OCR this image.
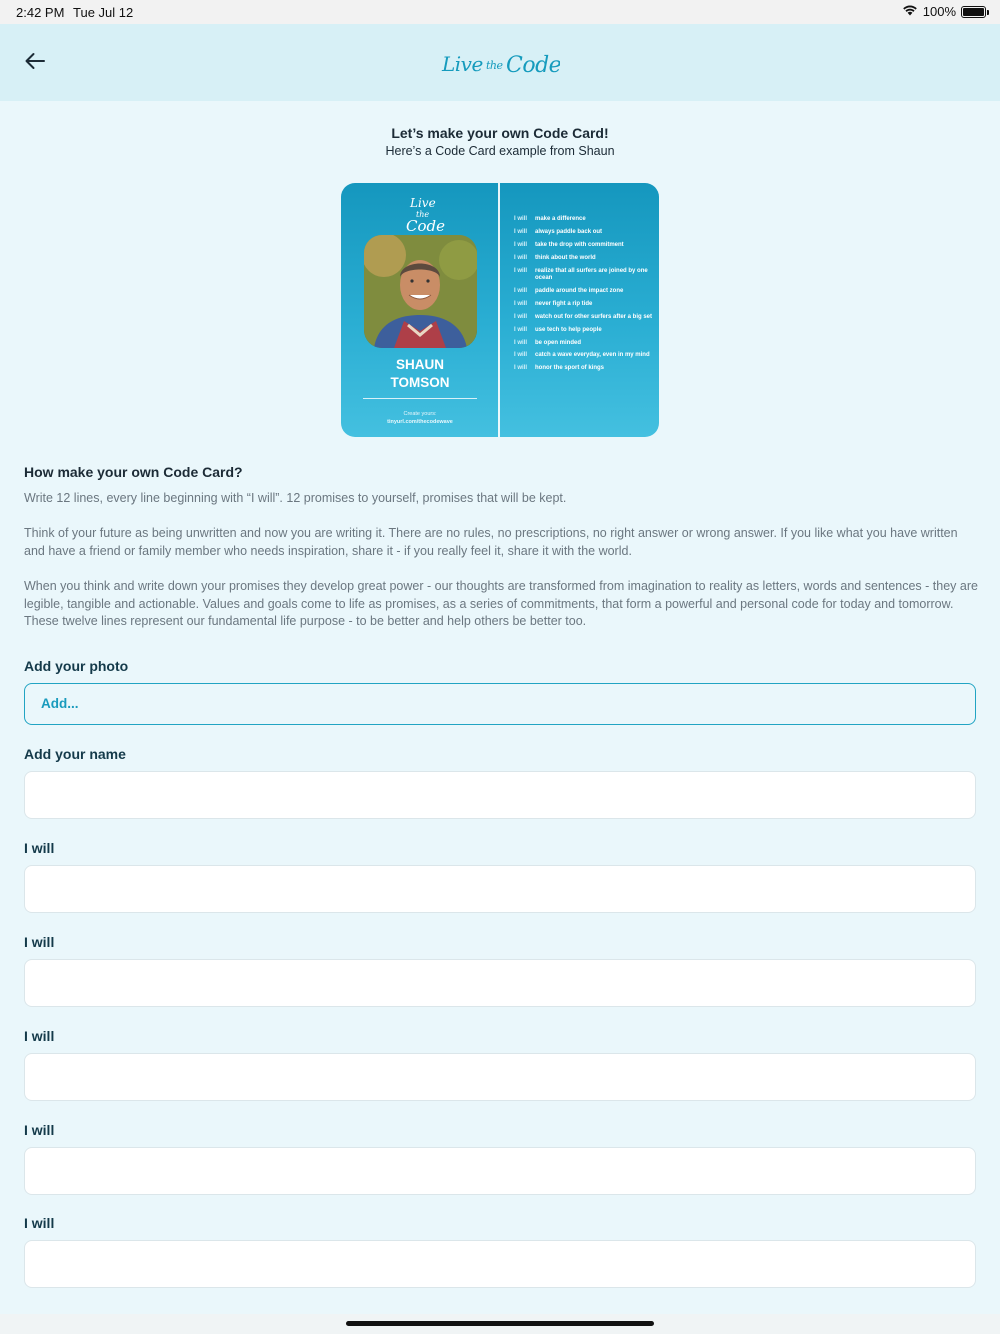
2:42 PM Tue Jul 12	100%
Live the Code
Let’s make your own Code Card!
Here’s a Code Card example from Shaun
Live
the
Code
SHAUN
TOMSON
Create yours:
tinyurl.com/thecodewave
I will	make a difference
I will	always paddle back out
I will	take the drop with commitment
I will	think about the world
I will	realize that all surfers are joined by one ocean
I will	paddle around the impact zone
I will	never fight a rip tide
I will	watch out for other surfers after a big set
I will	use tech to help people
I will	be open minded
I will	catch a wave everyday, even in my mind
I will	honor the sport of kings
How make your own Code Card?

Write 12 lines, every line beginning with “I will”. 12 promises to yourself, promises that will be kept.

Think of your future as being unwritten and now you are writing it. There are no rules, no prescriptions, no right answer or wrong answer. If you like what you have written and have a friend or family member who needs inspiration, share it - if you really feel it, share it with the world.

When you think and write down your promises they develop great power - our thoughts are transformed from imagination to reality as letters, words and sentences - they are legible, tangible and actionable. Values and goals come to life as promises, as a series of commitments, that form a powerful and personal code for today and tomorrow. These twelve lines represent our fundamental life purpose - to be better and help others be better too.

Add your photo
Add...
Add your name
I will
I will
I will
I will
I will
